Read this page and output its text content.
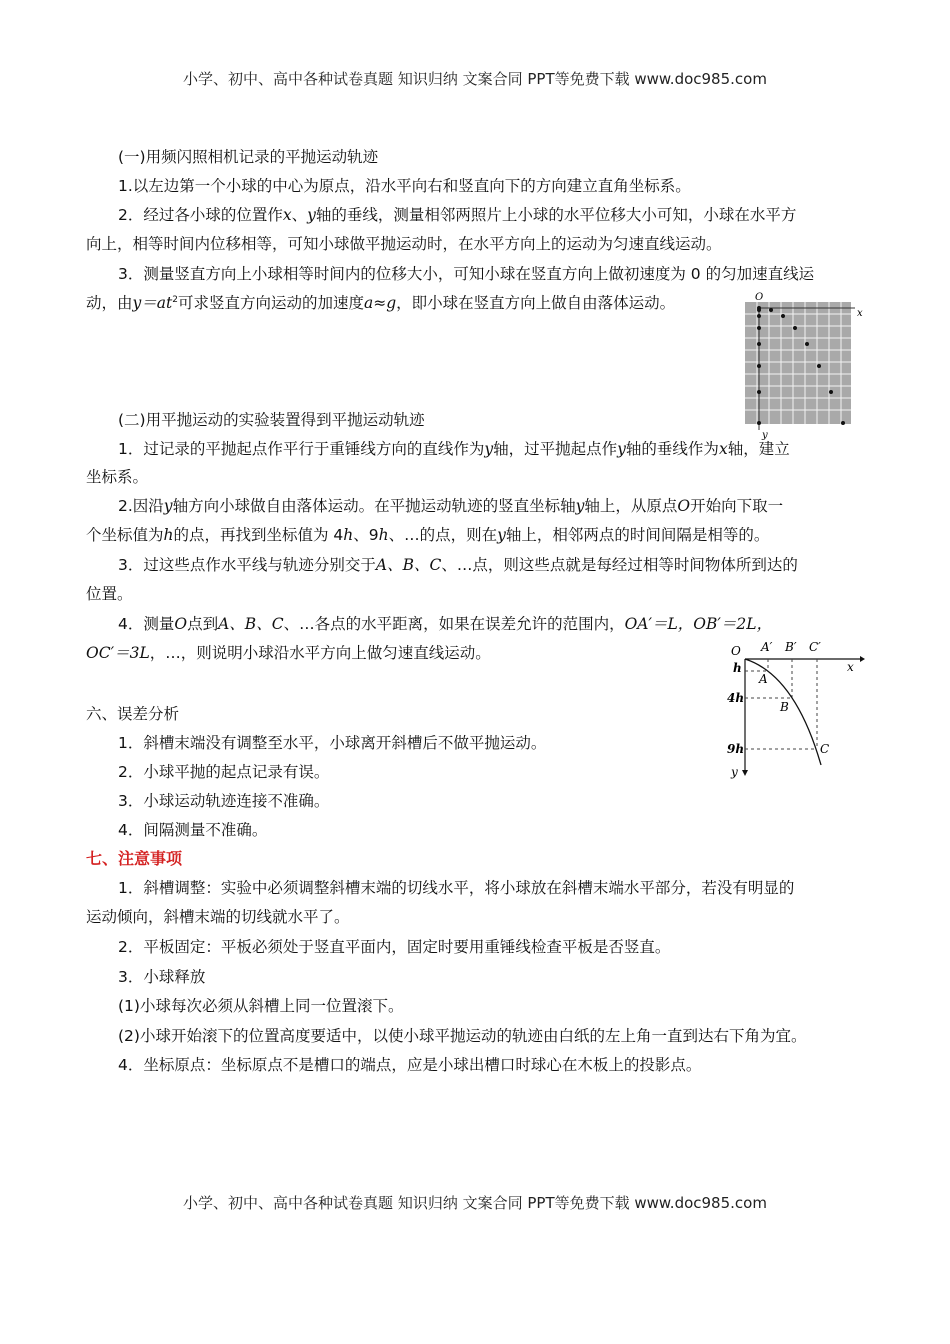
小学、初中、高中各种试卷真题 知识归纳 文案合同 PPT等免费下载 www.doc985.com
(一)用频闪照相机记录的平抛运动轨迹
1.以左边第一个小球的中心为原点，沿水平向右和竖直向下的方向建立直角坐标系。
2．经过各小球的位置作x、y轴的垂线，测量相邻两照片上小球的水平位移大小可知，小球在水平方
向上，相等时间内位移相等，可知小球做平抛运动时，在水平方向上的运动为匀速直线运动。
3．测量竖直方向上小球相等时间内的位移大小，可知小球在竖直方向上做初速度为 0 的匀加速直线运
动，由$y=at^2$可求竖直方向运动的加速度a≈g，即小球在竖直方向上做自由落体运动。	O
x
y
(二)用平抛运动的实验装置得到平抛运动轨迹
1．过记录的平抛起点作平行于重锤线方向的直线作为y轴，过平抛起点作y轴的垂线作为x轴，建立
坐标系。
2.因沿y轴方向小球做自由落体运动。在平抛运动轨迹的竖直坐标轴y轴上，从原点O开始向下取一
个坐标值为h的点，再找到坐标值为 4h、9h、…的点，则在y轴上，相邻两点的时间间隔是相等的。
3．过这些点作水平线与轨迹分别交于A、B、C、…点，则这些点就是每经过相等时间物体所到达的
位置。
4．测量O点到A、B、C、…各点的水平距离，如果在误差允许的范围内，OA′＝L，OB′＝2L，
OC′＝3L，…，则说明小球沿水平方向上做匀速直线运动。	O
x
y
h
4h
9h
A′ B′ C′
A
B
C
六、误差分析
1．斜槽末端没有调整至水平，小球离开斜槽后不做平抛运动。
2．小球平抛的起点记录有误。
3．小球运动轨迹连接不准确。
4．间隔测量不准确。
七、注意事项
1．斜槽调整：实验中必须调整斜槽末端的切线水平，将小球放在斜槽末端水平部分，若没有明显的
运动倾向，斜槽末端的切线就水平了。
2．平板固定：平板必须处于竖直平面内，固定时要用重锤线检查平板是否竖直。
3．小球释放
(1)小球每次必须从斜槽上同一位置滚下。
(2)小球开始滚下的位置高度要适中，以使小球平抛运动的轨迹由白纸的左上角一直到达右下角为宜。
4．坐标原点：坐标原点不是槽口的端点，应是小球出槽口时球心在木板上的投影点。
小学、初中、高中各种试卷真题 知识归纳 文案合同 PPT等免费下载 www.doc985.com
